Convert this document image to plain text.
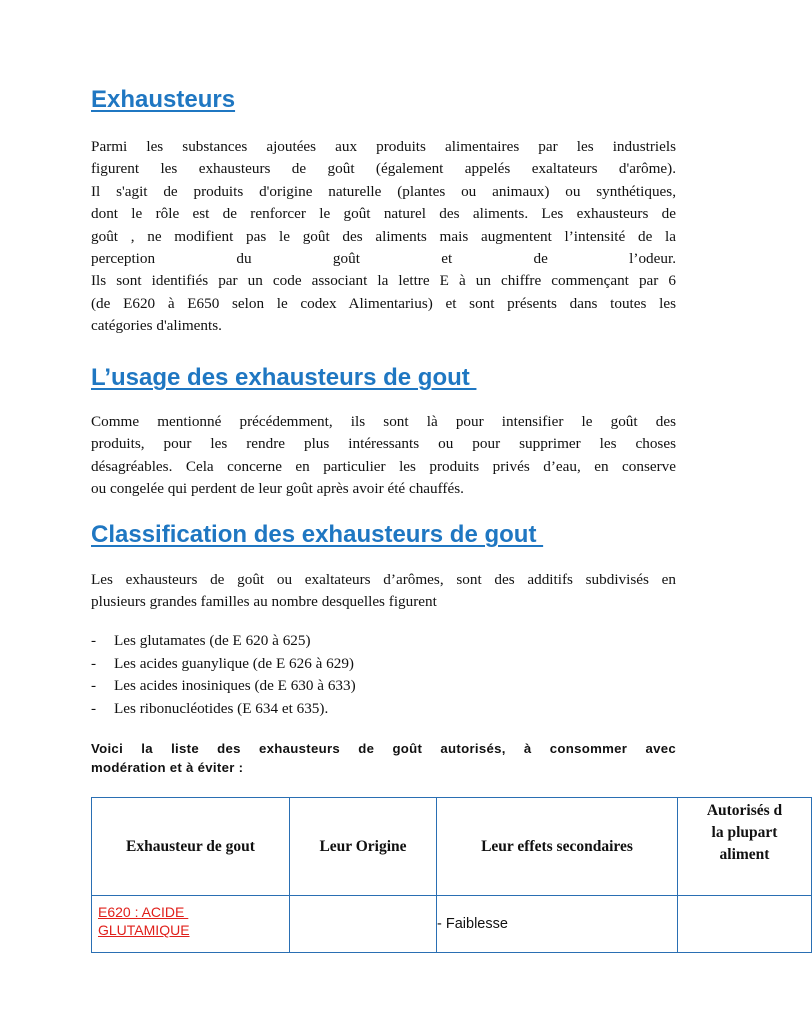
Exhausteurs

Parmi les substances ajoutées aux produits alimentaires par les industriels
figurent les exhausteurs de goût (également appelés exaltateurs d'arôme).
Il s'agit de produits d'origine naturelle (plantes ou animaux) ou synthétiques,
dont le rôle est de renforcer le goût naturel des aliments. Les exhausteurs de
goût , ne modifient pas le goût des aliments mais augmentent l’intensité de la
perception du goût et de l’odeur.
Ils sont identifiés par un code associant la lettre E à un chiffre commençant par 6
(de E620 à E650 selon le codex Alimentarius) et sont présents dans toutes les
catégories d'aliments.

L’usage des exhausteurs de gout

Comme mentionné précédemment, ils sont là pour intensifier le goût des
produits, pour les rendre plus intéressants ou pour supprimer les choses
désagréables. Cela concerne en particulier les produits privés d’eau, en conserve
ou congelée qui perdent de leur goût après avoir été chauffés.

Classification des exhausteurs de gout

Les exhausteurs de goût ou exaltateurs d’arômes, sont des additifs subdivisés en
plusieurs grandes familles au nombre desquelles figurent

- Les glutamates (de E 620 à 625)
- Les acides guanylique (de E 626 à 629)
- Les acides inosiniques (de E 630 à 633)
- Les ribonucléotides (E 634 et 635).

Voici la liste des exhausteurs de goût autorisés, à consommer avec
modération et à éviter :

Exhausteur de gout	Leur Origine	Leur effets secondaires	Autorisés d
la plupart
aliment

E620 : ACIDE
GLUTAMIQUE		- Faiblesse	
